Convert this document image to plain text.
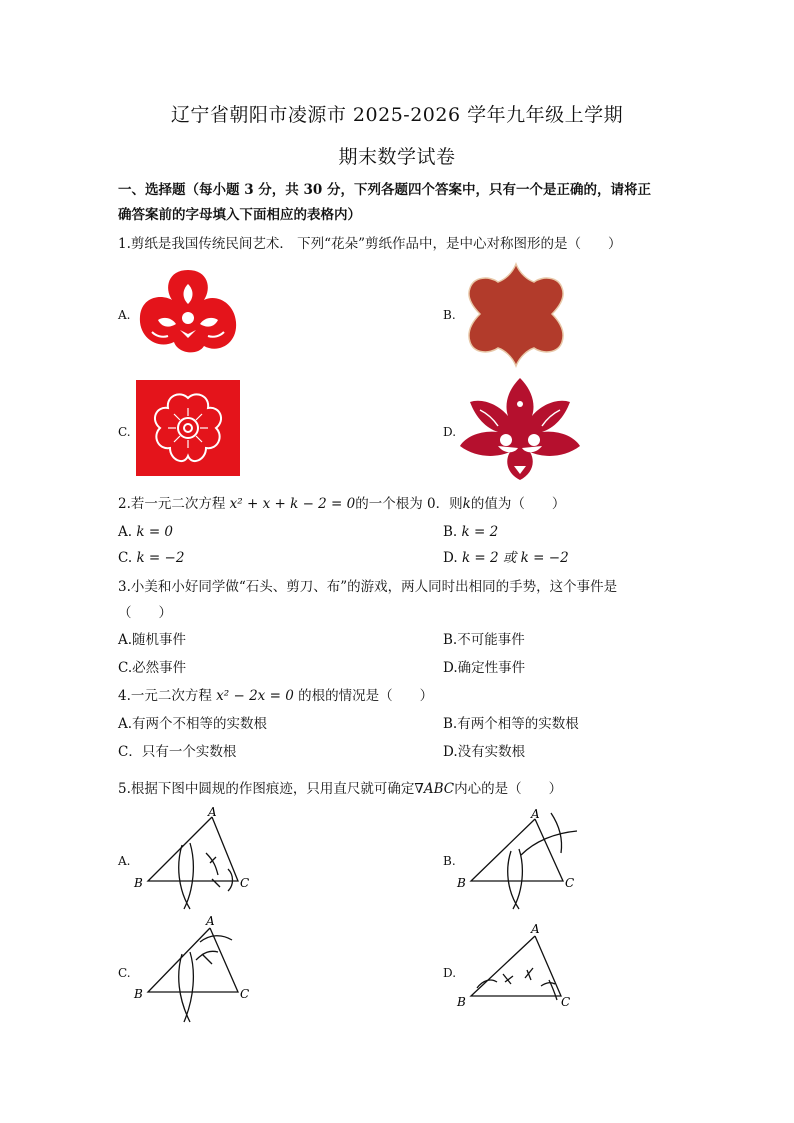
辽宁省朝阳市凌源市 2025-2026 学年九年级上学期
期末数学试卷
一、选择题（每小题 3 分，共 30 分，下列各题四个答案中，只有一个是正确的，请将正
确答案前的字母填入下面相应的表格内）
1.剪纸是我国传统民间艺术． 下列“花朵”剪纸作品中，是中心对称图形的是（　　）
A.	B.
C.	D.
2.若一元二次方程 x² + x + k − 2 = 0的一个根为 0．则k的值为（　　）
A. k = 0	B. k = 2
C. k = −2	D. k = 2 或 k = −2
3.小美和小好同学做“石头、剪刀、布”的游戏，两人同时出相同的手势，这个事件是
（　　）
A.随机事件	B.不可能事件
C.必然事件	D.确定性事件
4.一元二次方程 x² − 2x = 0 的根的情况是（　　）
A.有两个不相等的实数根	B.有两个相等的实数根
C．只有一个实数根	D.没有实数根
5.根据下图中圆规的作图痕迹，只用直尺就可确定∇ABC内心的是（　　）
A.	B.
C.	D.
A
B	C
A
B	C
A
B	C
A
B	C
